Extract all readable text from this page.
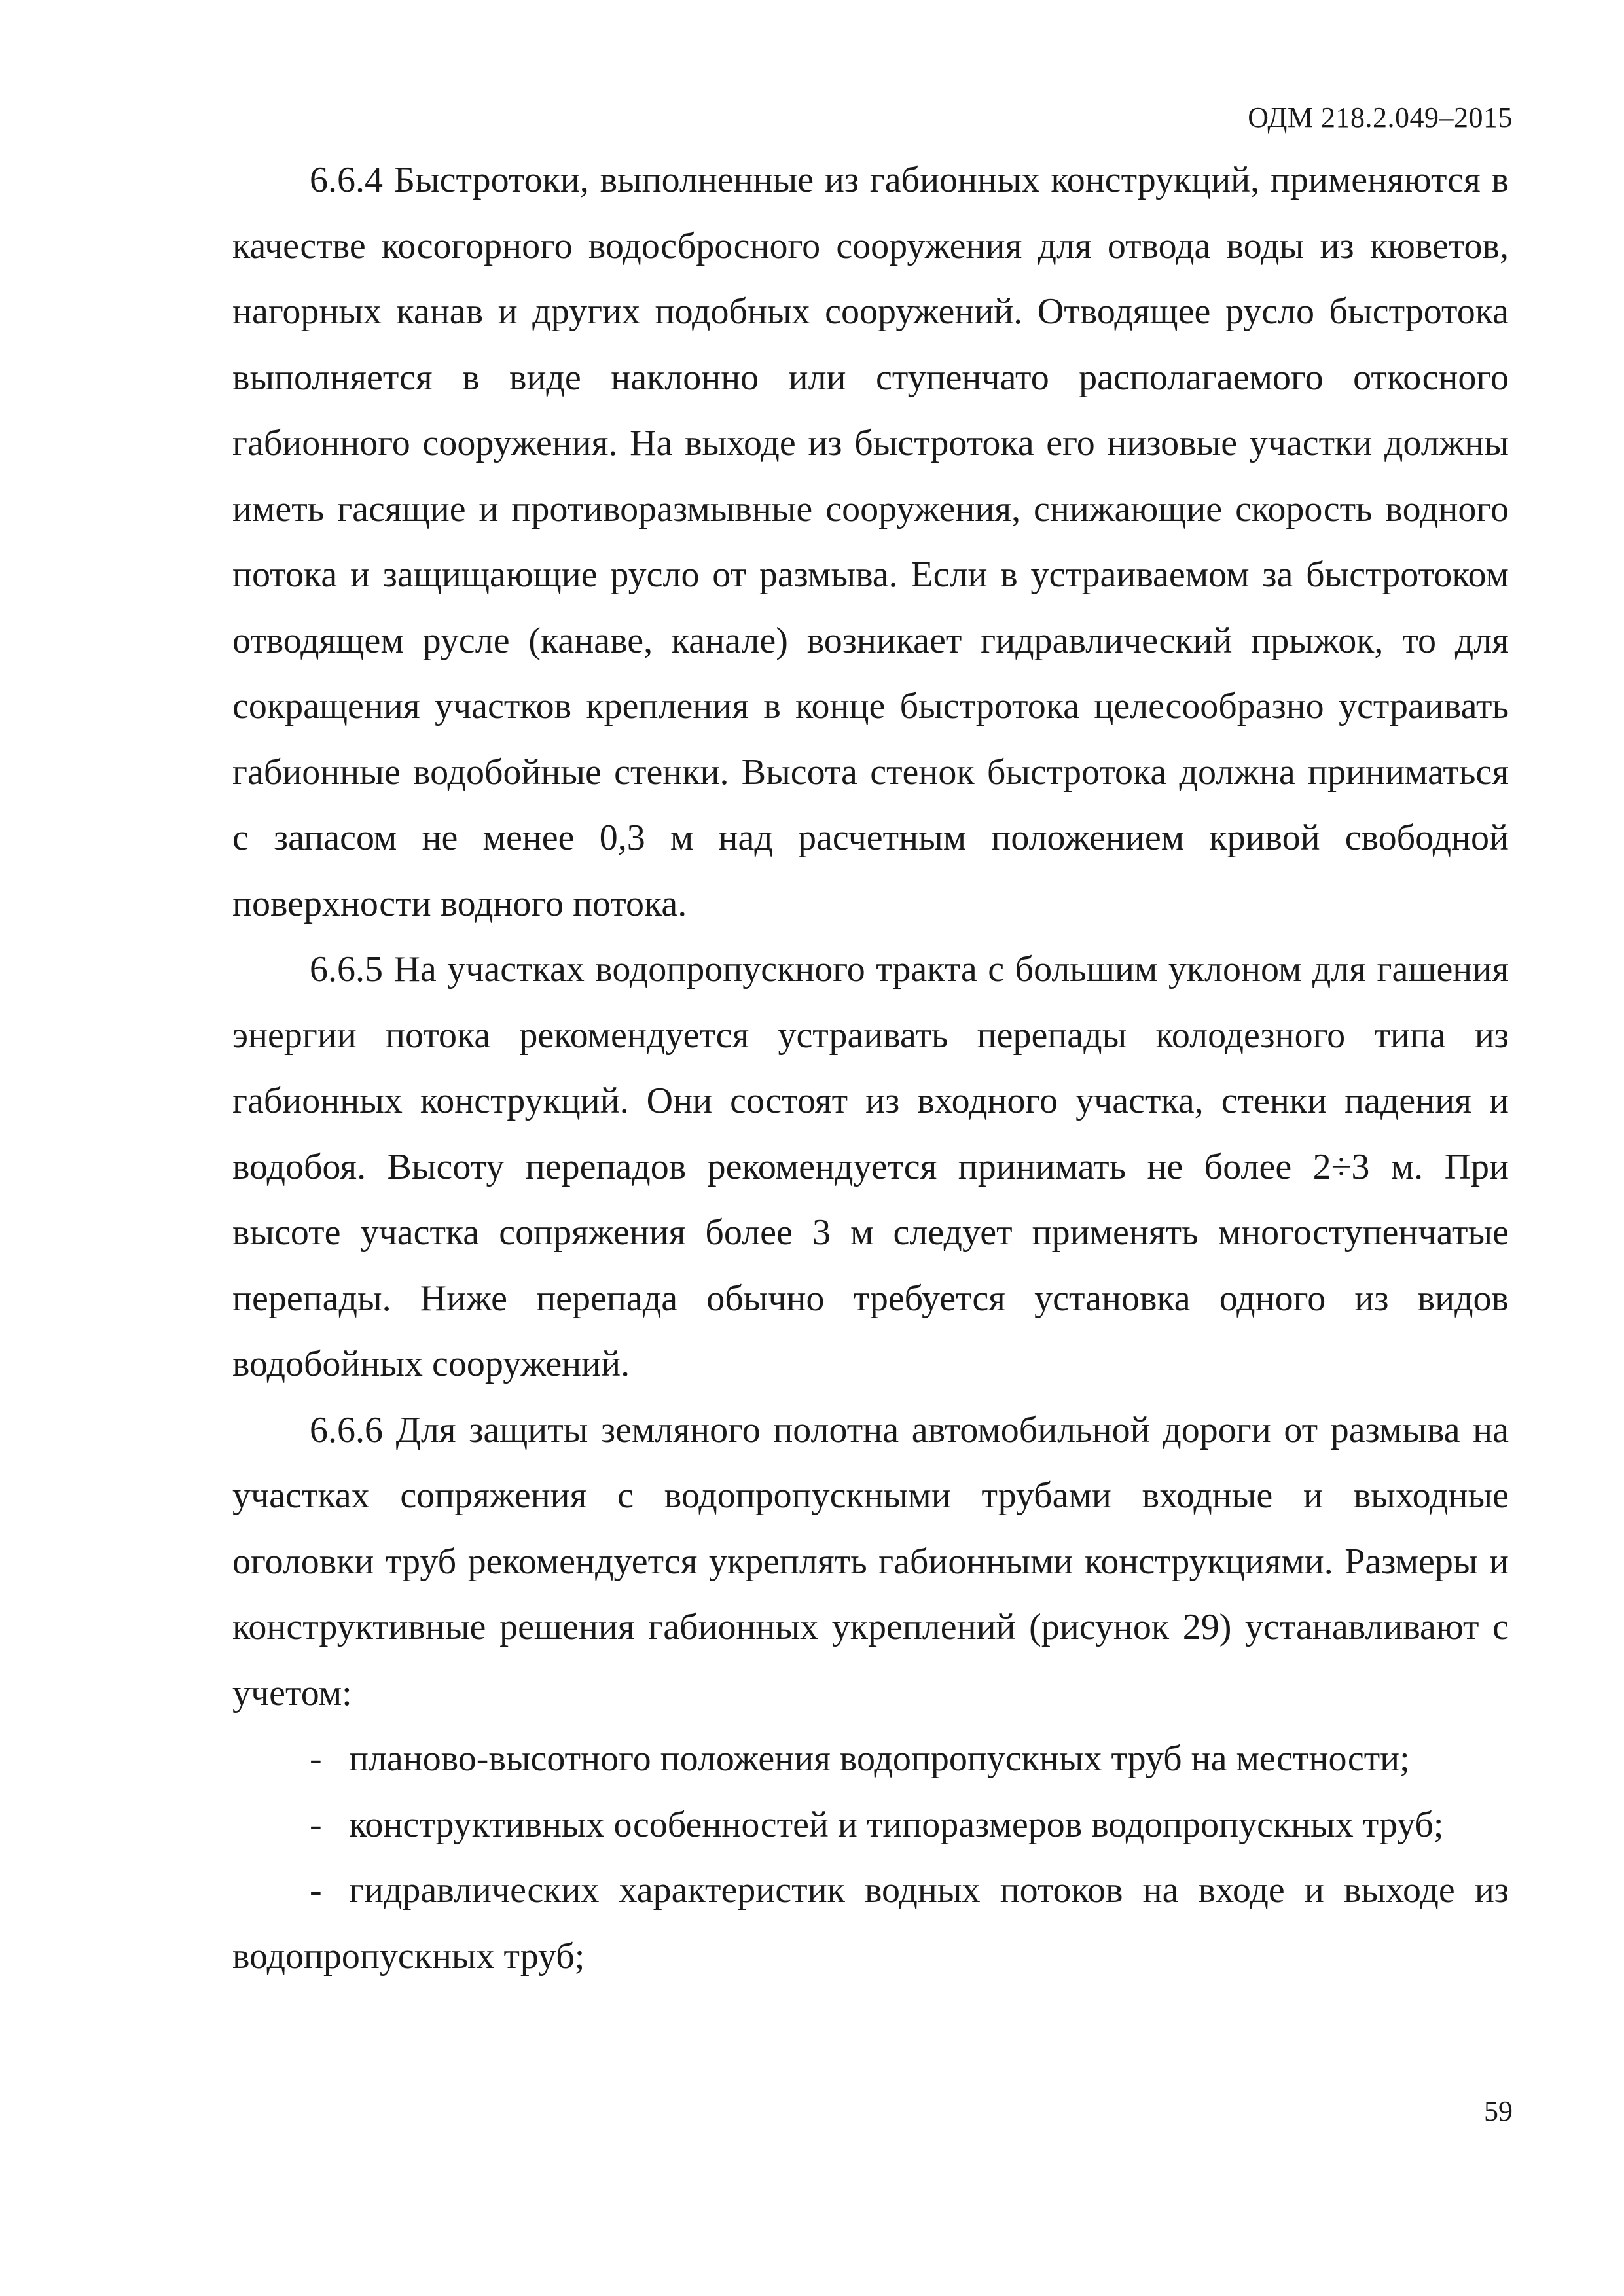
ОДМ 218.2.049–2015

6.6.4 Быстротоки, выполненные из габионных конструкций, применяются в качестве косогорного водосбросного сооружения для отвода воды из кюветов, нагорных канав и других подобных сооружений. Отводящее русло быстротока выполняется в виде наклонно или ступенчато располагаемого откосного габионного сооружения. На выходе из быстротока его низовые участки должны иметь гасящие и противоразмывные сооружения, снижающие скорость водного потока и защищающие русло от размыва. Если в устраиваемом за быстротоком отводящем русле (канаве, канале) возникает гидравлический прыжок, то для сокращения участков крепления в конце быстротока целесообразно устраивать габионные водобойные стенки. Высота стенок быстротока должна приниматься с запасом не менее 0,3 м над расчетным положением кривой свободной поверхности водного потока.

6.6.5 На участках водопропускного тракта с большим уклоном для гашения энергии потока рекомендуется устраивать перепады колодезного типа из габионных конструкций. Они состоят из входного участка, стенки падения и водобоя. Высоту перепадов рекомендуется принимать не более 2÷3 м. При высоте участка сопряжения более 3 м следует применять многоступенчатые перепады. Ниже перепада обычно требуется установка одного из видов водобойных сооружений.

6.6.6 Для защиты земляного полотна автомобильной дороги от размыва на участках сопряжения с водопропускными трубами входные и выходные оголовки труб рекомендуется укреплять габионными конструкциями. Размеры и конструктивные решения габионных укреплений (рисунок 29) устанавливают с учетом:

- планово-высотного положения водопропускных труб на местности;

- конструктивных особенностей и типоразмеров водопропускных труб;

- гидравлических характеристик водных потоков на входе и выходе из водопропускных труб;

59
